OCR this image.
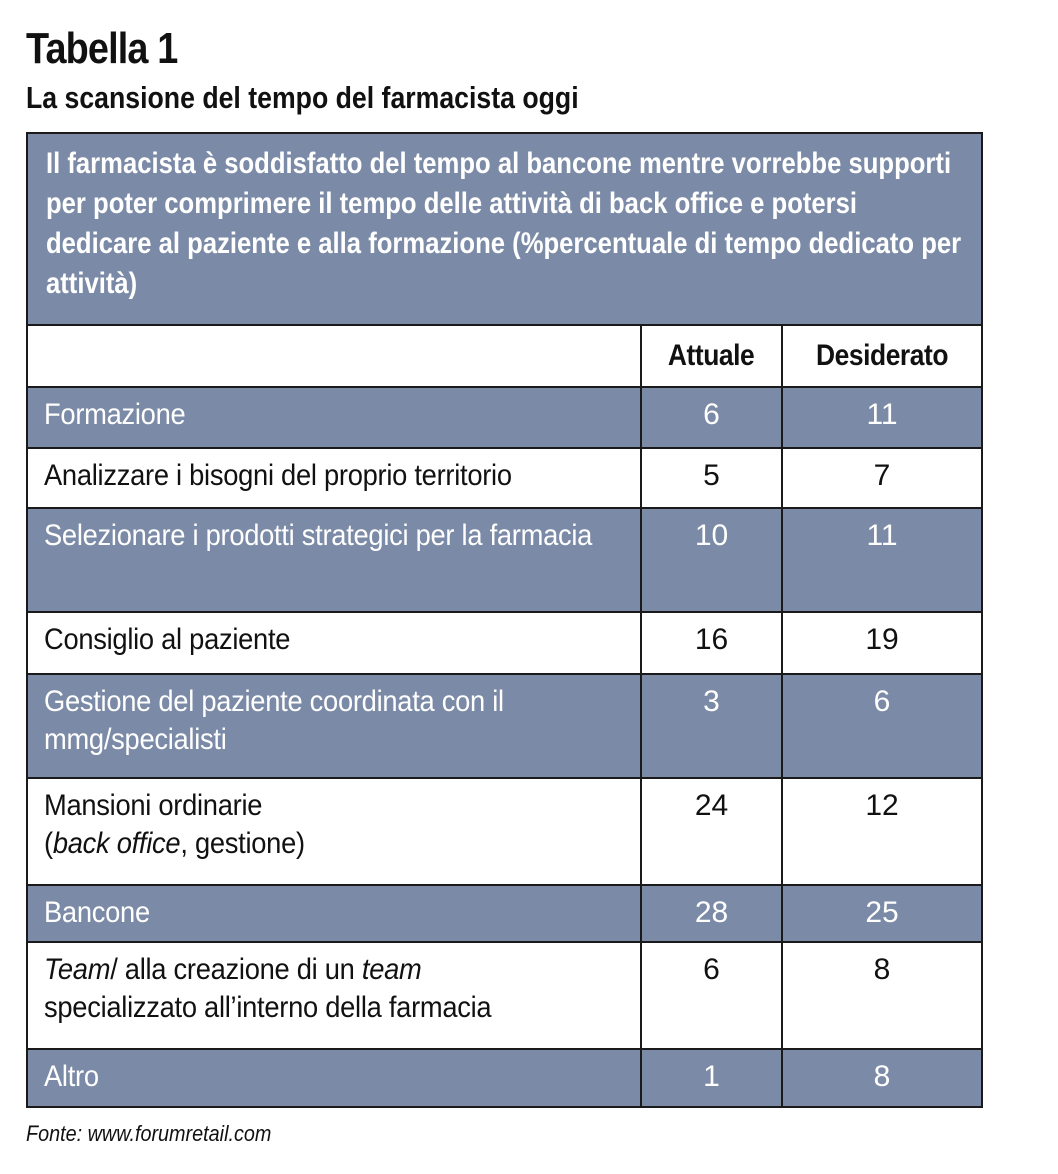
Tabella 1
La scansione del tempo del farmacista oggi
Il farmacista è soddisfatto del tempo al bancone mentre vorrebbe supporti per poter comprimere il tempo delle attività di back office e potersi dedicare al paziente e alla formazione (%percentuale di tempo dedicato per attività)		

	Attuale	Desiderato

Formazione	6	11

Analizzare i bisogni del proprio territorio	5	7

Selezionare i prodotti strategici per la farmacia	10	11

Consiglio al paziente	16	19

Gestione del paziente coordinata con il mmg/specialisti	3	6

Mansioni ordinarie
(back office, gestione)	24	12

Bancone	28	25

Team/ alla creazione di un team
specializzato all’interno della farmacia	6	8

Altro	1	8
Fonte: www.forumretail.com
